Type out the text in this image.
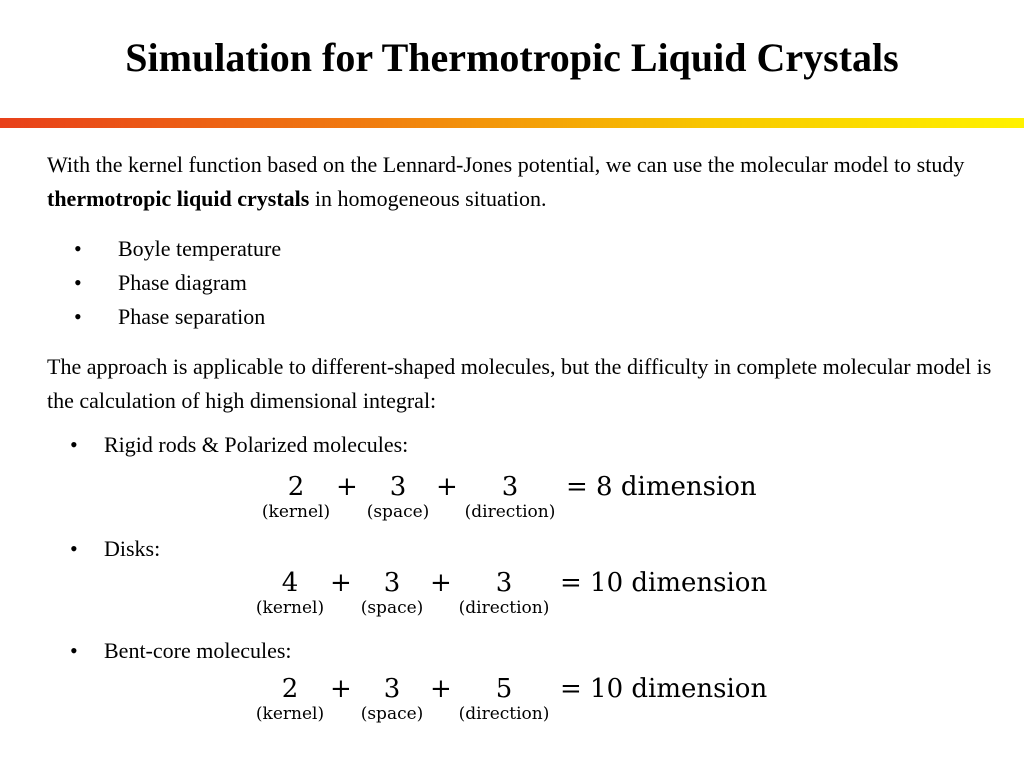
Simulation for Thermotropic Liquid Crystals
With the kernel function based on the Lennard-Jones potential, we can use the molecular model to study thermotropic liquid crystals in homogeneous situation.
• Boyle temperature
• Phase diagram
• Phase separation
The approach is applicable to different-shaped molecules, but the difficulty in complete molecular model is the calculation of high dimensional integral:
• Rigid rods & Polarized molecules:
2
(kernel)
+	3
(space)
+	3
(direction)
= 8 dimension
• Disks:
4
(kernel)
+	3
(space)
+	3
(direction)
= 10 dimension
• Bent-core molecules:
2
(kernel)
+	3
(space)
+	5
(direction)
= 10 dimension
